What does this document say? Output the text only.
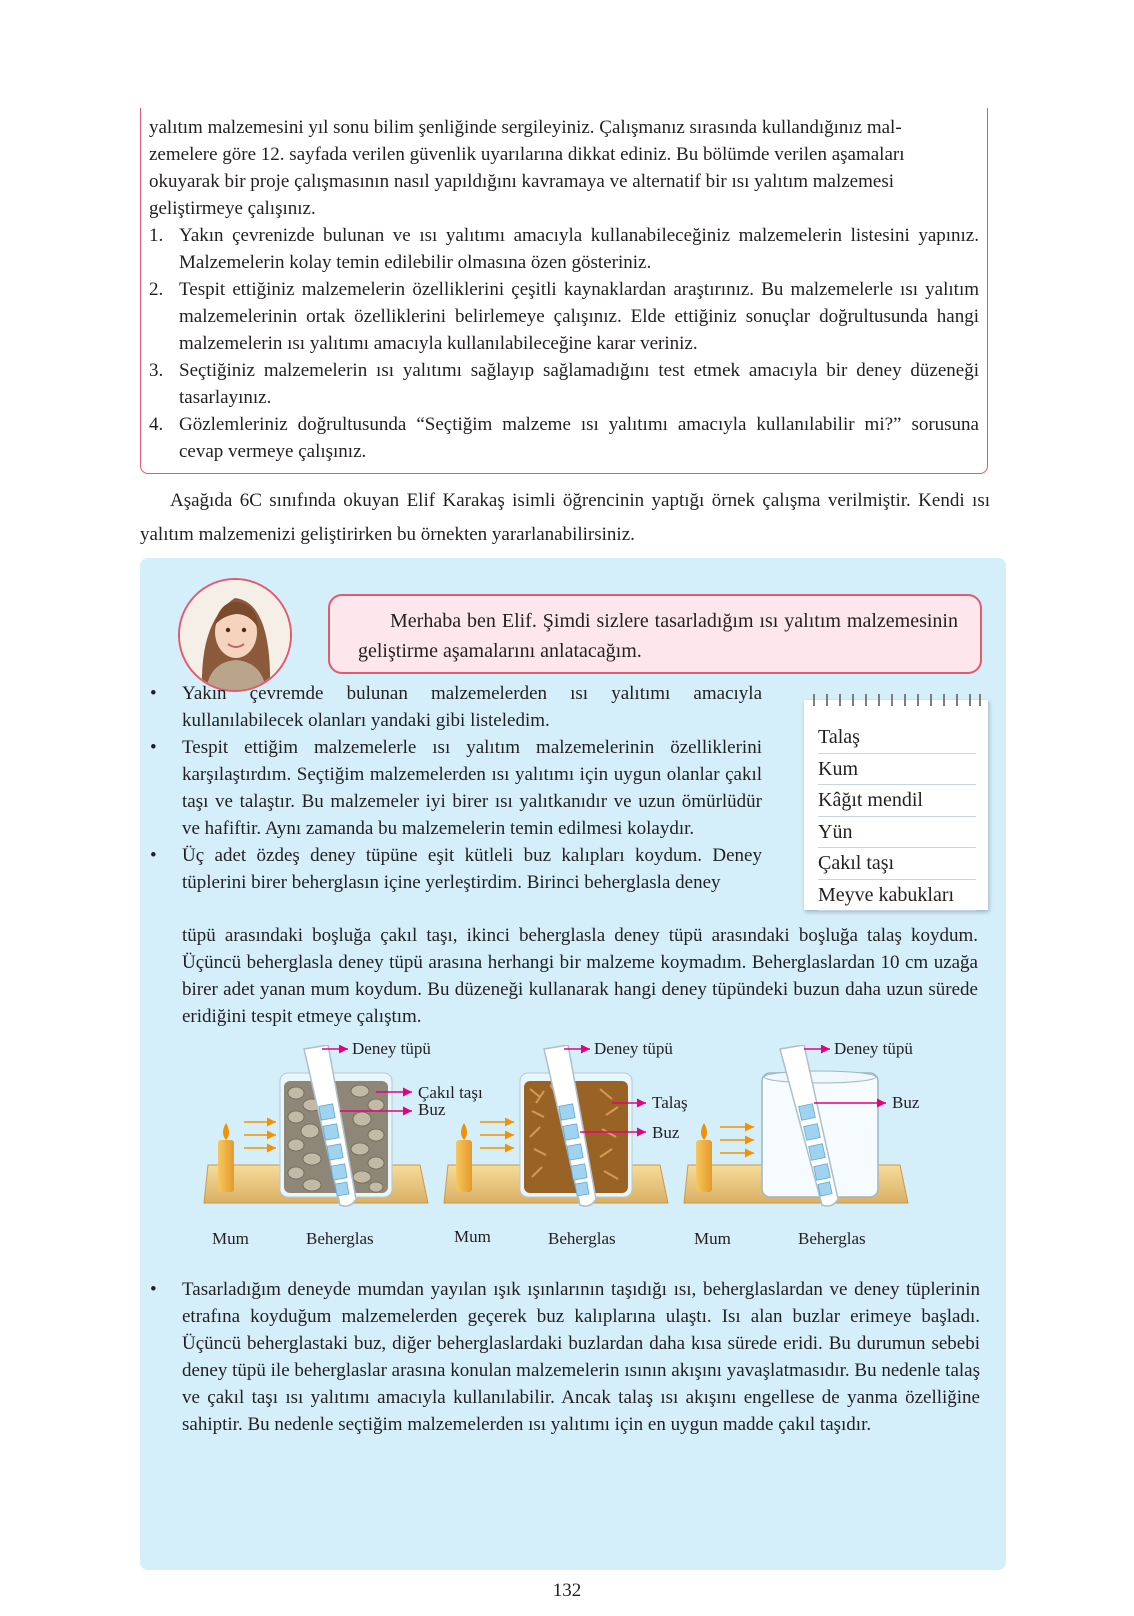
yalıtım malzemesini yıl sonu bilim şenliğinde sergileyiniz. Çalışmanız sırasında kullandığınız mal-

zemelere göre 12. sayfada verilen güvenlik uyarılarına dikkat ediniz. Bu bölümde verilen aşamaları

okuyarak bir proje çalışmasının nasıl yapıldığını kavramaya ve alternatif bir ısı yalıtım malzemesi

geliştirmeye çalışınız.

1. Yakın çevrenizde bulunan ve ısı yalıtımı amacıyla kullanabileceğiniz malzemelerin listesini yapınız. Malzemelerin kolay temin edilebilir olmasına özen gösteriniz.
2. Tespit ettiğiniz malzemelerin özelliklerini çeşitli kaynaklardan araştırınız. Bu malzemelerle ısı yalıtım malzemelerinin ortak özelliklerini belirlemeye çalışınız. Elde ettiğiniz sonuçlar doğrultusunda hangi malzemelerin ısı yalıtımı amacıyla kullanılabileceğine karar veriniz.
3. Seçtiğiniz malzemelerin ısı yalıtımı sağlayıp sağlamadığını test etmek amacıyla bir deney düzeneği tasarlayınız.
4. Gözlemleriniz doğrultusunda “Seçtiğim malzeme ısı yalıtımı amacıyla kullanılabilir mi?” sorusuna cevap vermeye çalışınız.

Aşağıda 6C sınıfında okuyan Elif Karakaş isimli öğrencinin yaptığı örnek çalışma verilmiştir. Kendi ısı yalıtım malzemenizi geliştirirken bu örnekten yararlanabilirsiniz.

Merhaba ben Elif. Şimdi sizlere tasarladığım ısı yalıtım malzemesinin geliştirme aşamalarını anlatacağım.
• Yakın çevremde bulunan malzemelerden ısı yalıtımı amacıyla kullanılabilecek olanları yandaki gibi listeledim.
• Tespit ettiğim malzemelerle ısı yalıtım malzemelerinin özelliklerini karşılaştırdım. Seçtiğim malzemelerden ısı yalıtımı için uygun olanlar çakıl taşı ve talaştır. Bu malzemeler iyi birer ısı yalıtkanıdır ve uzun ömürlüdür ve hafiftir. Aynı zamanda bu malzemelerin temin edilmesi kolaydır.
• Üç adet özdeş deney tüpüne eşit kütleli buz kalıpları koydum. Deney tüplerini birer beherglasın içine yerleştirdim. Birinci beherglasla deney
tüpü arasındaki boşluğa çakıl taşı, ikinci beherglasla deney tüpü arasındaki boşluğa talaş koydum. Üçüncü beherglasla deney tüpü arasına herhangi bir malzeme koymadım. Beherglaslardan 10 cm uzağa birer adet yanan mum koydum. Bu düzeneği kullanarak hangi deney tüpündeki buzun daha uzun sürede eridiğini tespit etmeye çalıştım.
Talaş
Kum
Kâğıt mendil
Yün
Çakıl taşı
Meyve kabukları
Deney tüpü
Çakıl taşı
Buz
Deney tüpü
Talaş
Buz
Deney tüpü
Buz
Mum	Beherglas	Mum	Beherglas	Mum	Beherglas
• Tasarladığım deneyde mumdan yayılan ışık ışınlarının taşıdığı ısı, beherglaslardan ve deney tüplerinin etrafına koyduğum malzemelerden geçerek buz kalıplarına ulaştı. Isı alan buzlar erimeye başladı. Üçüncü beherglastaki buz, diğer beherglaslardaki buzlardan daha kısa sürede eridi. Bu durumun sebebi deney tüpü ile beherglaslar arasına konulan malzemelerin ısının akışını yavaşlatmasıdır. Bu nedenle talaş ve çakıl taşı ısı yalıtımı amacıyla kullanılabilir. Ancak talaş ısı akışını engellese de yanma özelliğine sahiptir. Bu nedenle seçtiğim malzemelerden ısı yalıtımı için en uygun madde çakıl taşıdır.
132
